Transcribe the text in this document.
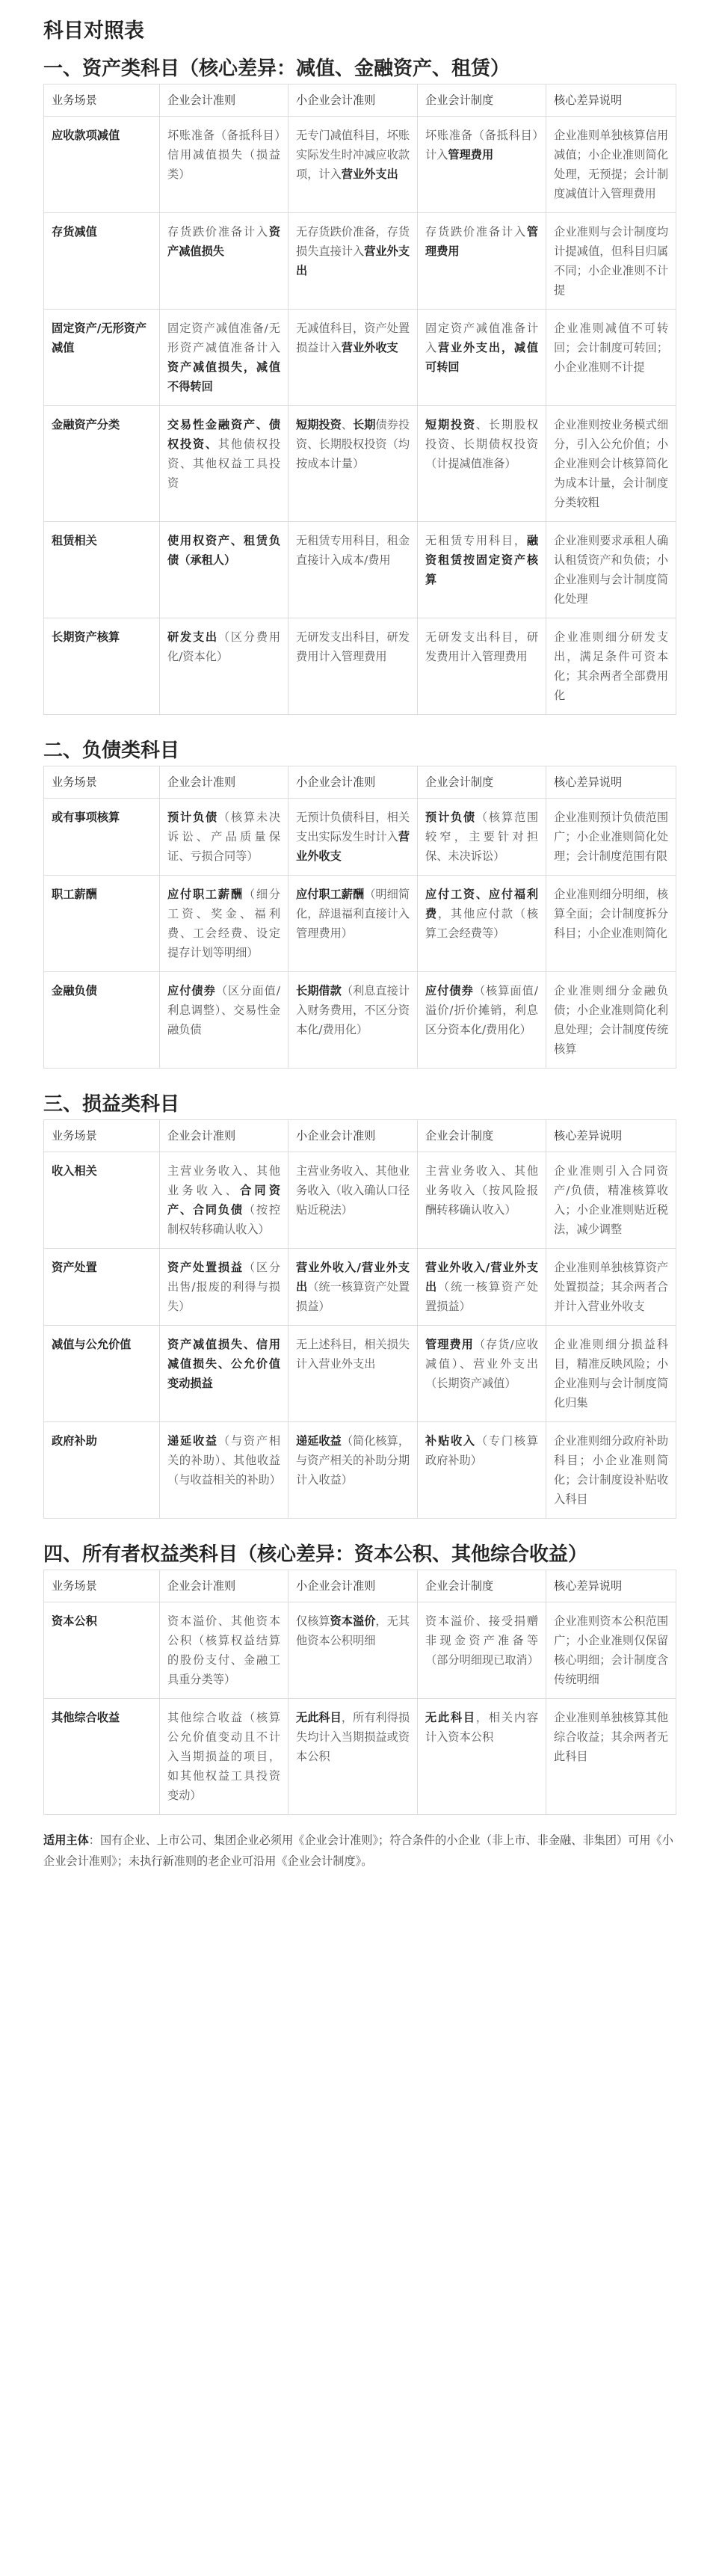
科目对照表
一、资产类科目（核心差异：减值、金融资产、租赁）
业务场景	企业会计准则	小企业会计准则	企业会计制度	核心差异说明
应收款项减值	坏账准备（备抵科目）信用减值损失（损益类）	无专门减值科目，坏账实际发生时冲减应收款项，计入营业外支出	坏账准备（备抵科目）计入管理费用	企业准则单独核算信用减值；小企业准则简化处理，无预提；会计制度减值计入管理费用
存货减值	存货跌价准备计入资产减值损失	无存货跌价准备，存货损失直接计入营业外支出	存货跌价准备计入管理费用	企业准则与会计制度均计提减值，但科目归属不同；小企业准则不计提
固定资产/无形资产减值	固定资产减值准备/无形资产减值准备计入资产减值损失，减值不得转回	无减值科目，资产处置损益计入营业外收支	固定资产减值准备计入营业外支出，减值可转回	企业准则减值不可转回；会计制度可转回；小企业准则不计提
金融资产分类	交易性金融资产、债权投资、其他债权投资、其他权益工具投资	短期投资、长期债券投资、长期股权投资（均按成本计量）	短期投资、长期股权投资、长期债权投资（计提减值准备）	企业准则按业务模式细分，引入公允价值；小企业准则会计核算简化为成本计量，会计制度分类较粗
租赁相关	使用权资产、租赁负债（承租人）	无租赁专用科目，租金直接计入成本/费用	无租赁专用科目，融资租赁按固定资产核算	企业准则要求承租人确认租赁资产和负债；小企业准则与会计制度简化处理
长期资产核算	研发支出（区分费用化/资本化）	无研发支出科目，研发费用计入管理费用	无研发支出科目，研发费用计入管理费用	企业准则细分研发支出，满足条件可资本化；其余两者全部费用化
二、负债类科目
业务场景	企业会计准则	小企业会计准则	企业会计制度	核心差异说明
或有事项核算	预计负债（核算未决诉讼、产品质量保证、亏损合同等）	无预计负债科目，相关支出实际发生时计入营业外收支	预计负债（核算范围较窄，主要针对担保、未决诉讼）	企业准则预计负债范围广；小企业准则简化处理；会计制度范围有限
职工薪酬	应付职工薪酬（细分工资、奖金、福利费、工会经费、设定提存计划等明细）	应付职工薪酬（明细简化，辞退福利直接计入管理费用）	应付工资、应付福利费，其他应付款（核算工会经费等）	企业准则细分明细，核算全面；会计制度拆分科目；小企业准则简化
金融负债	应付债券（区分面值/利息调整）、交易性金融负债	长期借款（利息直接计入财务费用，不区分资本化/费用化）	应付债券（核算面值/溢价/折价摊销，利息区分资本化/费用化）	企业准则细分金融负债；小企业准则简化利息处理；会计制度传统核算
三、损益类科目
业务场景	企业会计准则	小企业会计准则	企业会计制度	核心差异说明
收入相关	主营业务收入、其他业务收入、合同资产、合同负债（按控制权转移确认收入）	主营业务收入、其他业务收入（收入确认口径贴近税法）	主营业务收入、其他业务收入（按风险报酬转移确认收入）	企业准则引入合同资产/负债，精准核算收入；小企业准则贴近税法，减少调整
资产处置	资产处置损益（区分出售/报废的利得与损失）	营业外收入/营业外支出（统一核算资产处置损益）	营业外收入/营业外支出（统一核算资产处置损益）	企业准则单独核算资产处置损益；其余两者合并计入营业外收支
减值与公允价值	资产减值损失、信用减值损失、公允价值变动损益	无上述科目，相关损失计入营业外支出	管理费用（存货/应收减值）、营业外支出（长期资产减值）	企业准则细分损益科目，精准反映风险；小企业准则与会计制度简化归集
政府补助	递延收益（与资产相关的补助）、其他收益（与收益相关的补助）	递延收益（简化核算，与资产相关的补助分期计入收益）	补贴收入（专门核算政府补助）	企业准则细分政府补助科目；小企业准则简化；会计制度设补贴收入科目
四、所有者权益类科目（核心差异：资本公积、其他综合收益）
业务场景	企业会计准则	小企业会计准则	企业会计制度	核心差异说明
资本公积	资本溢价、其他资本公积（核算权益结算的股份支付、金融工具重分类等）	仅核算资本溢价，无其他资本公积明细	资本溢价、接受捐赠非现金资产准备等（部分明细现已取消）	企业准则资本公积范围广；小企业准则仅保留核心明细；会计制度含传统明细
其他综合收益	其他综合收益（核算公允价值变动且不计入当期损益的项目，如其他权益工具投资变动）	无此科目，所有利得损失均计入当期损益或资本公积	无此科目，相关内容计入资本公积	企业准则单独核算其他综合收益；其余两者无此科目
适用主体：国有企业、上市公司、集团企业必须用《企业会计准则》；符合条件的小企业（非上市、非金融、非集团）可用《小企业会计准则》；未执行新准则的老企业可沿用《企业会计制度》。
